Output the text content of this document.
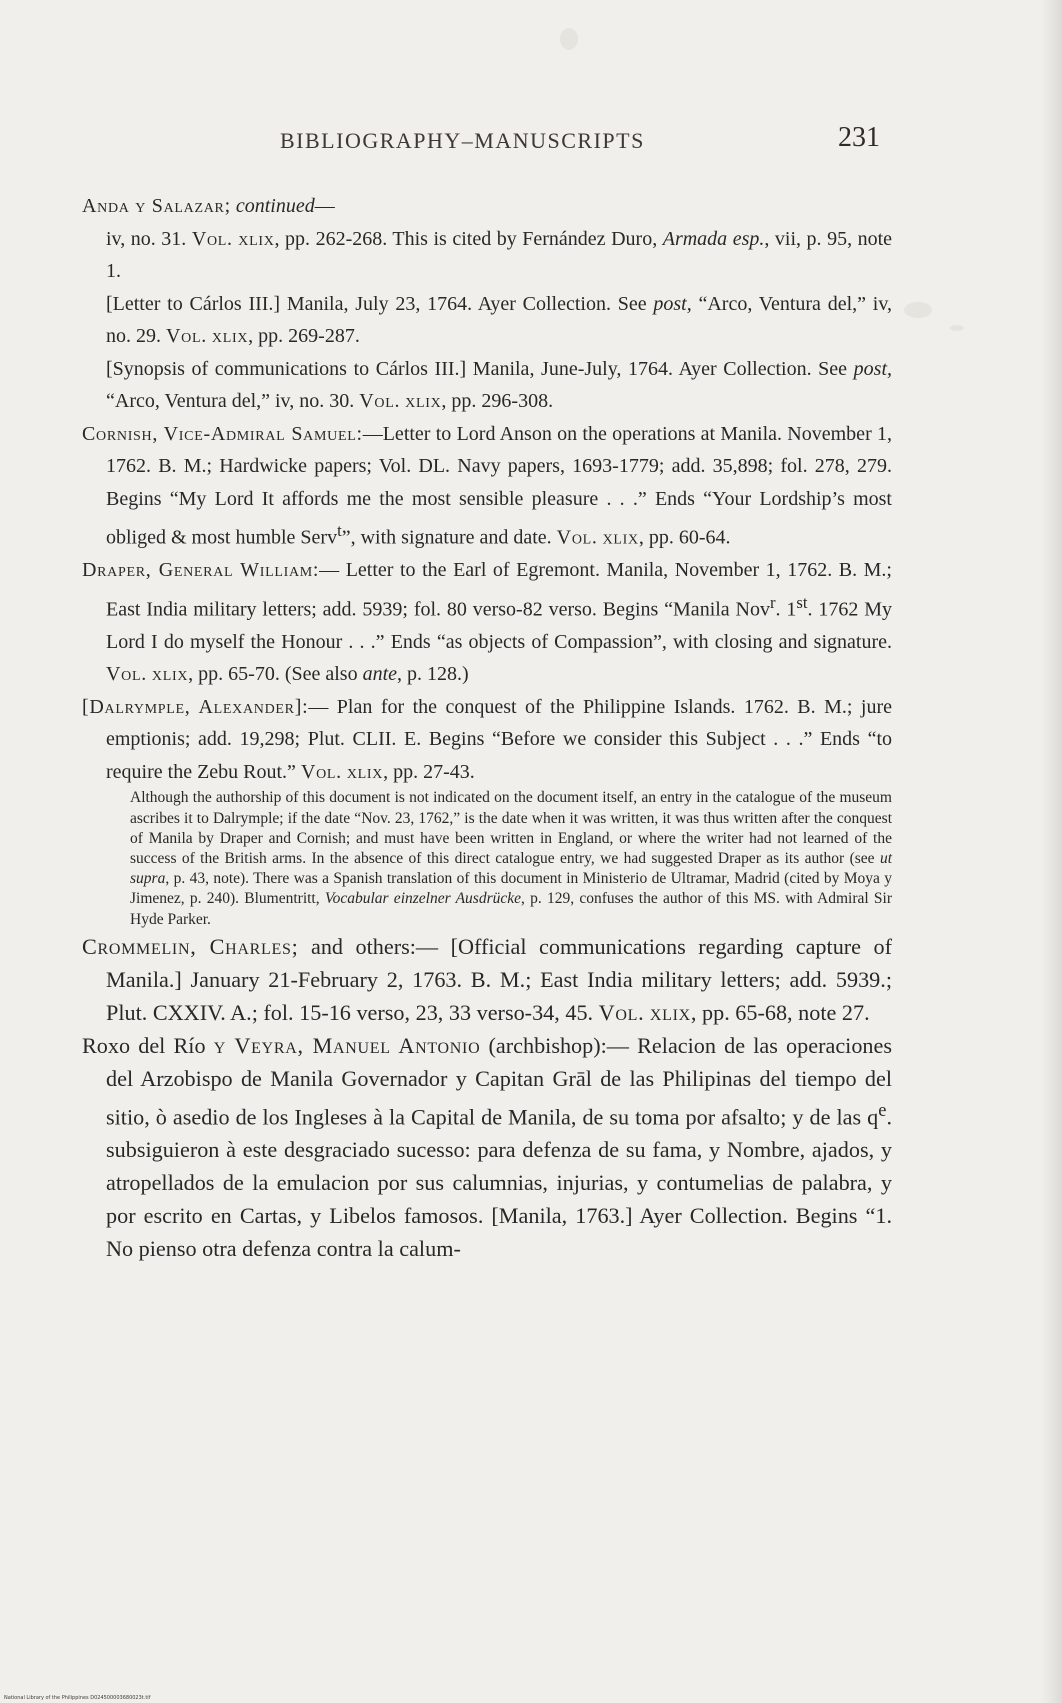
BIBLIOGRAPHY–MANUSCRIPTS	231

Anda y Salazar; continued—
iv, no. 31. Vol. xlix, pp. 262-268. This is cited by Fernández Duro, Armada esp., vii, p. 95, note 1.

[Letter to Cárlos III.] Manila, July 23, 1764. Ayer Collection. See post, “Arco, Ventura del,” iv, no. 29. Vol. xlix, pp. 269-287.

[Synopsis of communications to Cárlos III.] Manila, June-July, 1764. Ayer Collection. See post, “Arco, Ventura del,” iv, no. 30. Vol. xlix, pp. 296-308.

Cornish, Vice-Admiral Samuel:—Letter to Lord Anson on the operations at Manila. November 1, 1762. B. M.; Hardwicke papers; Vol. DL. Navy papers, 1693-1779; add. 35,898; fol. 278, 279. Begins “My Lord It affords me the most sensible pleasure . . .” Ends “Your Lordship’s most obliged & most humble Serv$^t$”, with signature and date. Vol. xlix, pp. 60-64.

Draper, General William:— Letter to the Earl of Egremont. Manila, November 1, 1762. B. M.; East India military letters; add. 5939; fol. 80 verso-82 verso. Begins “Manila Nov$^r$. 1st. 1762 My Lord I do myself the Honour . . .” Ends “as objects of Compassion”, with closing and signature. Vol. xlix, pp. 65-70. (See also ante, p. 128.)

[Dalrymple, Alexander]:— Plan for the conquest of the Philippine Islands. 1762. B. M.; jure emptionis; add. 19,298; Plut. CLII. E. Begins “Before we consider this Subject . . .” Ends “to require the Zebu Rout.” Vol. xlix, pp. 27-43.

Although the authorship of this document is not indicated on the document itself, an entry in the catalogue of the museum ascribes it to Dalrymple; if the date “Nov. 23, 1762,” is the date when it was written, it was thus written after the conquest of Manila by Draper and Cornish; and must have been written in England, or where the writer had not learned of the success of the British arms. In the absence of this direct catalogue entry, we had suggested Draper as its author (see ut supra, p. 43, note). There was a Spanish translation of this document in Ministerio de Ultramar, Madrid (cited by Moya y Jimenez, p. 240). Blumentritt, Vocabular einzelner Ausdrücke, p. 129, confuses the author of this MS. with Admiral Sir Hyde Parker.

Crommelin, Charles; and others:— [Official communications regarding capture of Manila.] January 21-February 2, 1763. B. M.; East India military letters; add. 5939.; Plut. CXXIV. A.; fol. 15-16 verso, 23, 33 verso-34, 45. Vol. xlix, pp. 65-68, note 27.

Roxo del Río y Veyra, Manuel Antonio (archbishop):— Relacion de las operaciones del Arzobispo de Manila Governador y Capitan Grāl de las Philipinas del tiempo del sitio, ò asedio de los Ingleses à la Capital de Manila, de su toma por afsalto; y de las $q^e$. subsiguieron à este desgraciado sucesso: para defenza de su fama, y Nombre, ajados, y atropellados de la emulacion por sus calumnias, injurias, y contumelias de palabra, y por escrito en Cartas, y Libelos famosos. [Manila, 1763.] Ayer Collection. Begins “1. No pienso otra defenza contra la calum-

National Library of the Philippines D024500003680023t.tif
